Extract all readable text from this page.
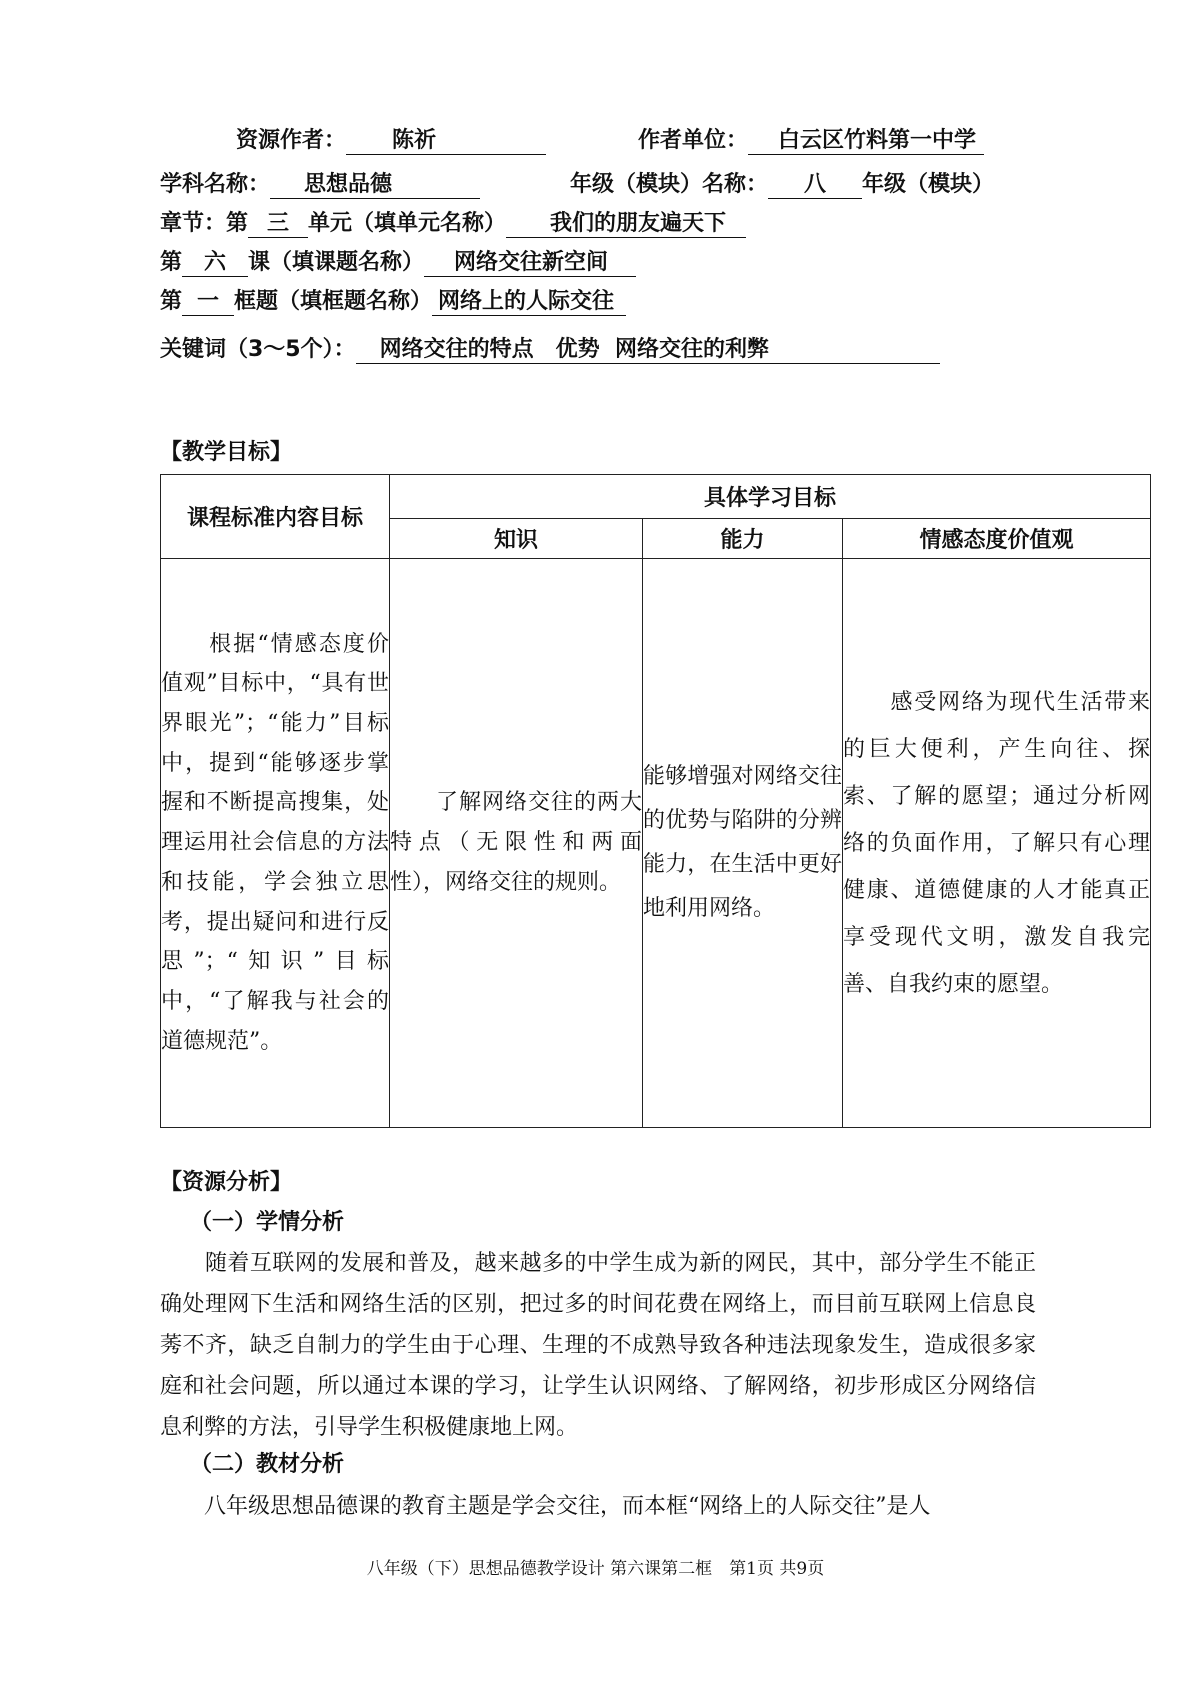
资源作者： 陈祈	作者单位： 白云区竹料第一中学
学科名称： 思想品德	年级（模块）名称： 八 年级（模块）
章节：第 三 单元（填单元名称） 我们的朋友遍天下
第 六 课（填课题名称） 网络交往新空间
第 一 框题（填框题名称） 网络上的人际交往
关键词（3～5个）： 网络交往的特点　优势  网络交往的利弊
【教学目标】
课程标准内容目标	具体学习目标		
	知识	能力	情感态度价值观
　　根据“情感态度价值观”目标中，“具有世界眼光”；“能力”目标中，提到“能够逐步掌握和不断提高搜集，处理运用社会信息的方法和技能，学会独立思考，提出疑问和进行反思”；“知识”目标中，“了解我与社会的道德规范”。	　　了解网络交往的两大特点（无限性和两面性），网络交往的规则。	能够增强对网络交往的优势与陷阱的分辨能力，在生活中更好地利用网络。	　　感受网络为现代生活带来的巨大便利，产生向往、探索、了解的愿望；通过分析网络的负面作用，了解只有心理健康、道德健康的人才能真正享受现代文明，激发自我完善、自我约束的愿望。
【资源分析】
（一）学情分析
　　随着互联网的发展和普及，越来越多的中学生成为新的网民，其中，部分学生不能正确处理网下生活和网络生活的区别，把过多的时间花费在网络上，而目前互联网上信息良莠不齐，缺乏自制力的学生由于心理、生理的不成熟导致各种违法现象发生，造成很多家庭和社会问题，所以通过本课的学习，让学生认识网络、了解网络，初步形成区分网络信息利弊的方法，引导学生积极健康地上网。
（二）教材分析
　　八年级思想品德课的教育主题是学会交往，而本框“网络上的人际交往”是人
八年级（下）思想品德教学设计 第六课第二框　第1页 共9页
